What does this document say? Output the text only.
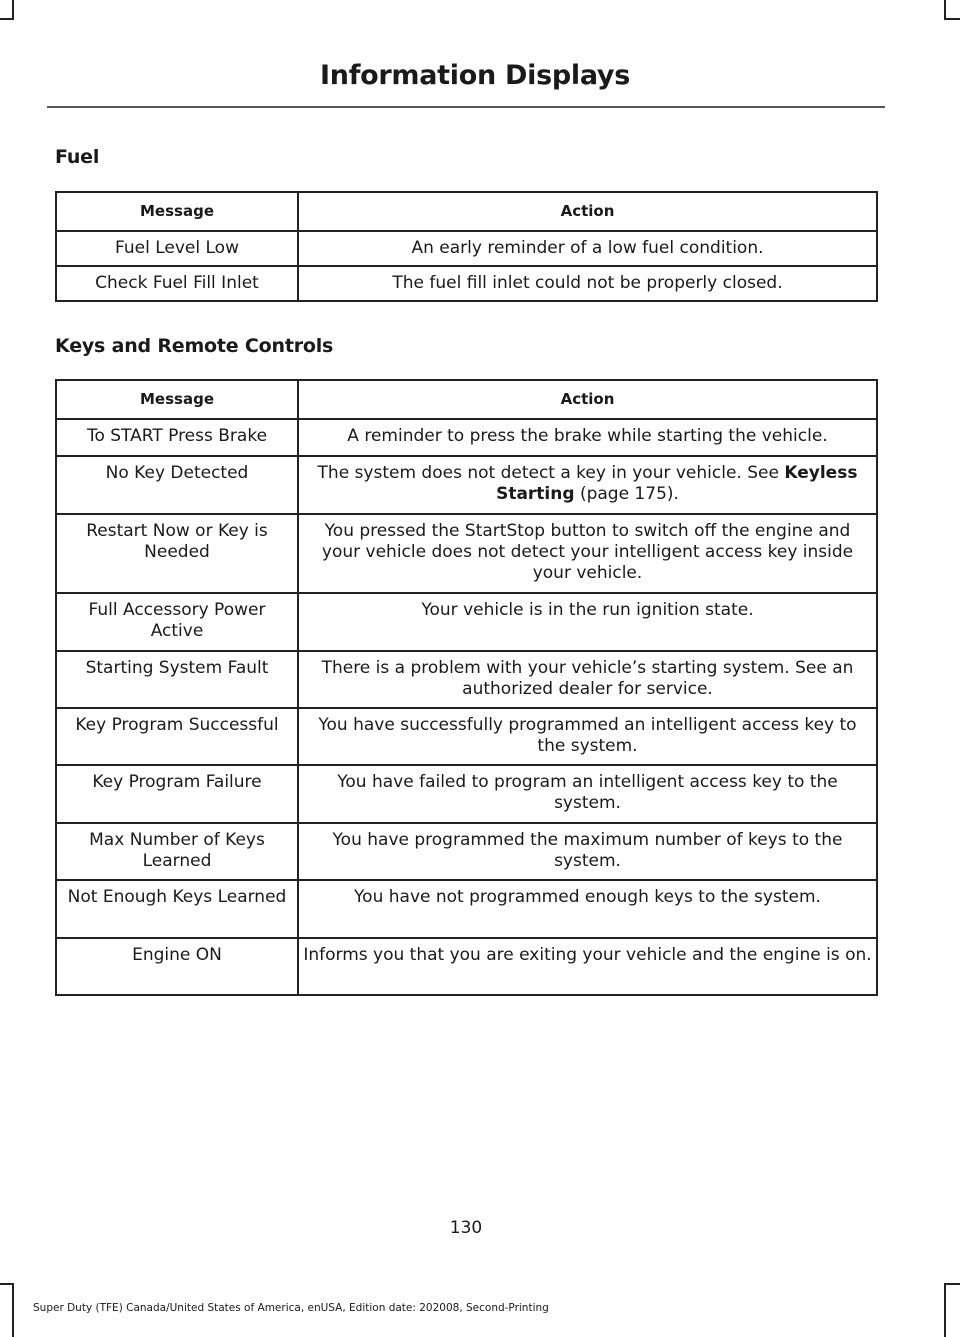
Information Displays
Fuel
Message	Action
Fuel Level Low	An early reminder of a low fuel condition.
Check Fuel Fill Inlet	The fuel fill inlet could not be properly closed.
Keys and Remote Controls
Message	Action
To START Press Brake	A reminder to press the brake while starting the vehicle.
No Key Detected	The system does not detect a key in your vehicle. See Keyless Starting (page 175).
Restart Now or Key is Needed	You pressed the StartStop button to switch off the engine and your vehicle does not detect your intelligent access key inside your vehicle.
Full Accessory Power Active	Your vehicle is in the run ignition state.
Starting System Fault	There is a problem with your vehicle’s starting system. See an authorized dealer for service.
Key Program Successful	You have successfully programmed an intelligent access key to the system.
Key Program Failure	You have failed to program an intelligent access key to the system.
Max Number of Keys Learned	You have programmed the maximum number of keys to the system.
Not Enough Keys Learned	You have not programmed enough keys to the system.
Engine ON	Informs you that you are exiting your vehicle and the engine is on.
130
Super Duty (TFE) Canada/United States of America, enUSA, Edition date: 202008, Second-Printing
